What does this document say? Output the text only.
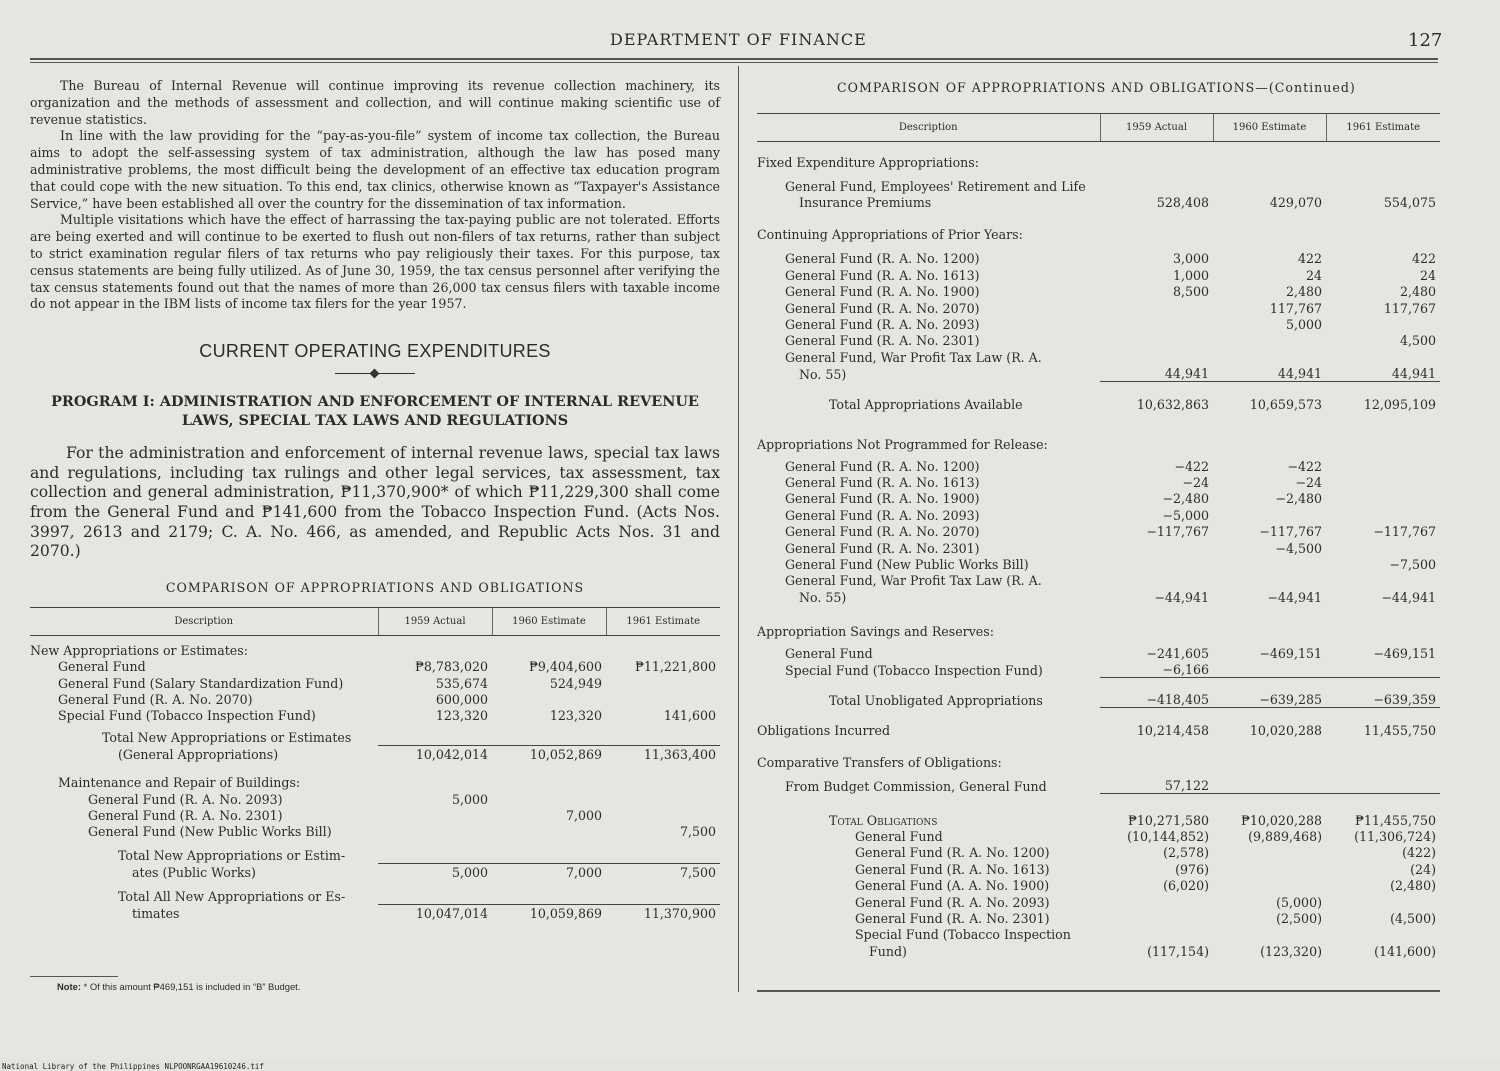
DEPARTMENT OF FINANCE	127

The Bureau of Internal Revenue will continue improving its revenue collection machinery, its organization and the methods of assessment and collection, and will continue making scientific use of revenue statistics.

In line with the law providing for the “pay-as-you-file” system of income tax collection, the Bureau aims to adopt the self-assessing system of tax administration, although the law has posed many administrative problems, the most difficult being the development of an effective tax education program that could cope with the new situation. To this end, tax clinics, otherwise known as “Taxpayer's Assistance Service,” have been established all over the country for the dissemination of tax information.

Multiple visitations which have the effect of harrassing the tax-paying public are not tolerated. Efforts are being exerted and will continue to be exerted to flush out non-filers of tax returns, rather than subject to strict examination regular filers of tax returns who pay religiously their taxes. For this purpose, tax census statements are being fully utilized. As of June 30, 1959, the tax census personnel after verifying the tax census statements found out that the names of more than 26,000 tax census filers with taxable income do not appear in the IBM lists of income tax filers for the year 1957.

CURRENT OPERATING EXPENDITURES
PROGRAM I: ADMINISTRATION AND ENFORCEMENT OF INTERNAL REVENUE LAWS, SPECIAL TAX LAWS AND REGULATIONS

For the administration and enforcement of internal revenue laws, special tax laws and regulations, including tax rulings and other legal services, tax assessment, tax collection and general administration, ₱11,370,900* of which ₱11,229,300 shall come from the General Fund and ₱141,600 from the Tobacco Inspection Fund. (Acts Nos. 3997, 2613 and 2179; C. A. No. 466, as amended, and Republic Acts Nos. 31 and 2070.)

COMPARISON OF APPROPRIATIONS AND OBLIGATIONS
Description	1959 Actual	1960 Estimate	1961 Estimate
New Appropriations or Estimates:			
General Fund	₱8,783,020	₱9,404,600	₱11,221,800
General Fund (Salary Standardization Fund)	535,674	524,949	
General Fund (R. A. No. 2070)	600,000		
Special Fund (Tobacco Inspection Fund)	123,320	123,320	141,600
Total New Appropriations or Estimates			
(General Appropriations)	10,042,014	10,052,869	11,363,400
Maintenance and Repair of Buildings:			
General Fund (R. A. No. 2093)	5,000		
General Fund (R. A. No. 2301)		7,000	
General Fund (New Public Works Bill)			7,500
Total New Appropriations or Estim-			
ates (Public Works)	5,000	7,000	7,500
Total All New Appropriations or Es-			
timates	10,047,014	10,059,869	11,370,900
Note: * Of this amount ₱469,151 is included in “B” Budget.
COMPARISON OF APPROPRIATIONS AND OBLIGATIONS—(Continued)
Description	1959 Actual	1960 Estimate	1961 Estimate
Fixed Expenditure Appropriations:			
General Fund, Employees' Retirement and Life			
Insurance Premiums	528,408	429,070	554,075
Continuing Appropriations of Prior Years:			
General Fund (R. A. No. 1200)	3,000	422	422
General Fund (R. A. No. 1613)	1,000	24	24
General Fund (R. A. No. 1900)	8,500	2,480	2,480
General Fund (R. A. No. 2070)		117,767	117,767
General Fund (R. A. No. 2093)		5,000	
General Fund (R. A. No. 2301)			4,500
General Fund, War Profit Tax Law (R. A.			
No. 55)	44,941	44,941	44,941
Total Appropriations Available	10,632,863	10,659,573	12,095,109
Appropriations Not Programmed for Release:			
General Fund (R. A. No. 1200)	−422	−422	
General Fund (R. A. No. 1613)	−24	−24	
General Fund (R. A. No. 1900)	−2,480	−2,480	
General Fund (R. A. No. 2093)	−5,000		
General Fund (R. A. No. 2070)	−117,767	−117,767	−117,767
General Fund (R. A. No. 2301)		−4,500	
General Fund (New Public Works Bill)			−7,500
General Fund, War Profit Tax Law (R. A.			
No. 55)	−44,941	−44,941	−44,941
Appropriation Savings and Reserves:			
General Fund	−241,605	−469,151	−469,151
Special Fund (Tobacco Inspection Fund)	−6,166		
Total Unobligated Appropriations	−418,405	−639,285	−639,359
Obligations Incurred	10,214,458	10,020,288	11,455,750
Comparative Transfers of Obligations:			
From Budget Commission, General Fund	57,122		
Total Obligations	₱10,271,580	₱10,020,288	₱11,455,750
General Fund	(10,144,852)	(9,889,468)	(11,306,724)
General Fund (R. A. No. 1200)	(2,578)		(422)
General Fund (R. A. No. 1613)	(976)		(24)
General Fund (A. A. No. 1900)	(6,020)		(2,480)
General Fund (R. A. No. 2093)		(5,000)	
General Fund (R. A. No. 2301)		(2,500)	(4,500)
Special Fund (Tobacco Inspection			
Fund)	(117,154)	(123,320)	(141,600)
National Library of the Philippines NLPOONRGAA19610246.tif
